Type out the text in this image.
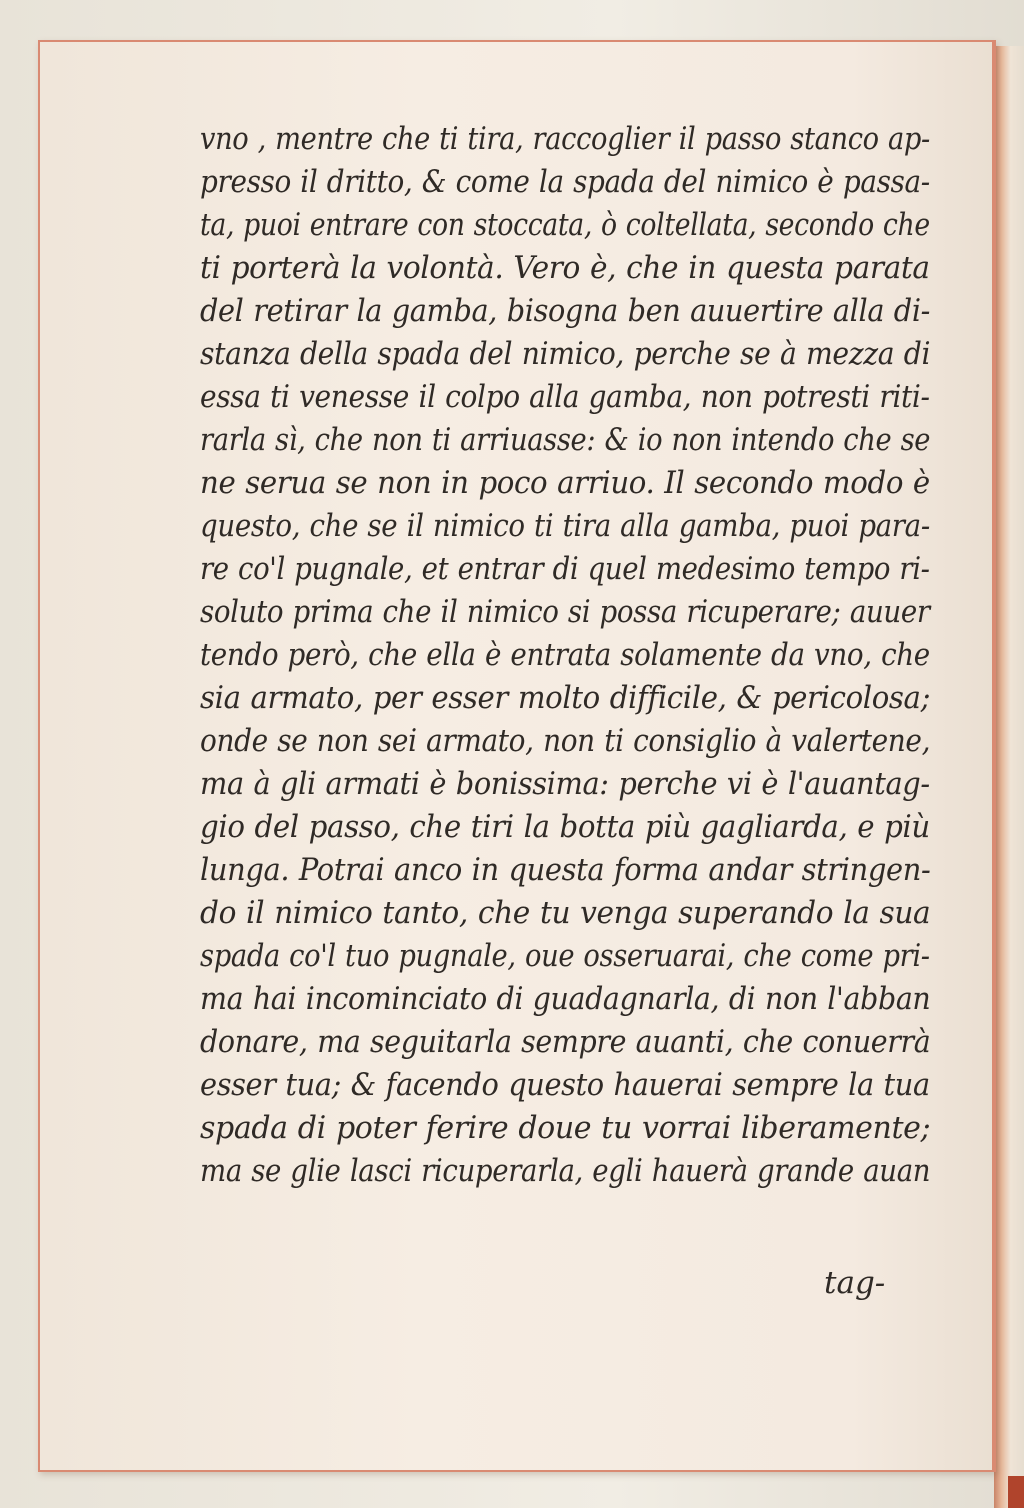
vno , mentre che ti tira, raccoglier il passo stanco ap-
presso il dritto, & come la spada del nimico è passa-
ta, puoi entrare con stoccata, ò coltellata, secondo che
ti porterà la volontà. Vero è, che in questa parata
del retirar la gamba, bisogna ben auuertire alla di-
stanza della spada del nimico, perche se à mezza di
essa ti venesse il colpo alla gamba, non potresti riti-
rarla sì, che non ti arriuasse: & io non intendo che se
ne serua se non in poco arriuo. Il secondo modo è
questo, che se il nimico ti tira alla gamba, puoi para-
re co'l pugnale, et entrar di quel medesimo tempo ri-
soluto prima che il nimico si possa ricuperare; auuer
tendo però, che ella è entrata solamente da vno, che
sia armato, per esser molto difficile, & pericolosa;
onde se non sei armato, non ti consiglio à valertene,
ma à gli armati è bonissima: perche vi è l'auantag-
gio del passo, che tiri la botta più gagliarda, e più
lunga. Potrai anco in questa forma andar stringen-
do il nimico tanto, che tu venga superando la sua
spada co'l tuo pugnale, oue osseruarai, che come pri-
ma hai incominciato di guadagnarla, di non l'abban
donare, ma seguitarla sempre auanti, che conuerrà
esser tua; & facendo questo hauerai sempre la tua
spada di poter ferire doue tu vorrai liberamente;
ma se glie lasci ricuperarla, egli hauerà grande auan
tag-
